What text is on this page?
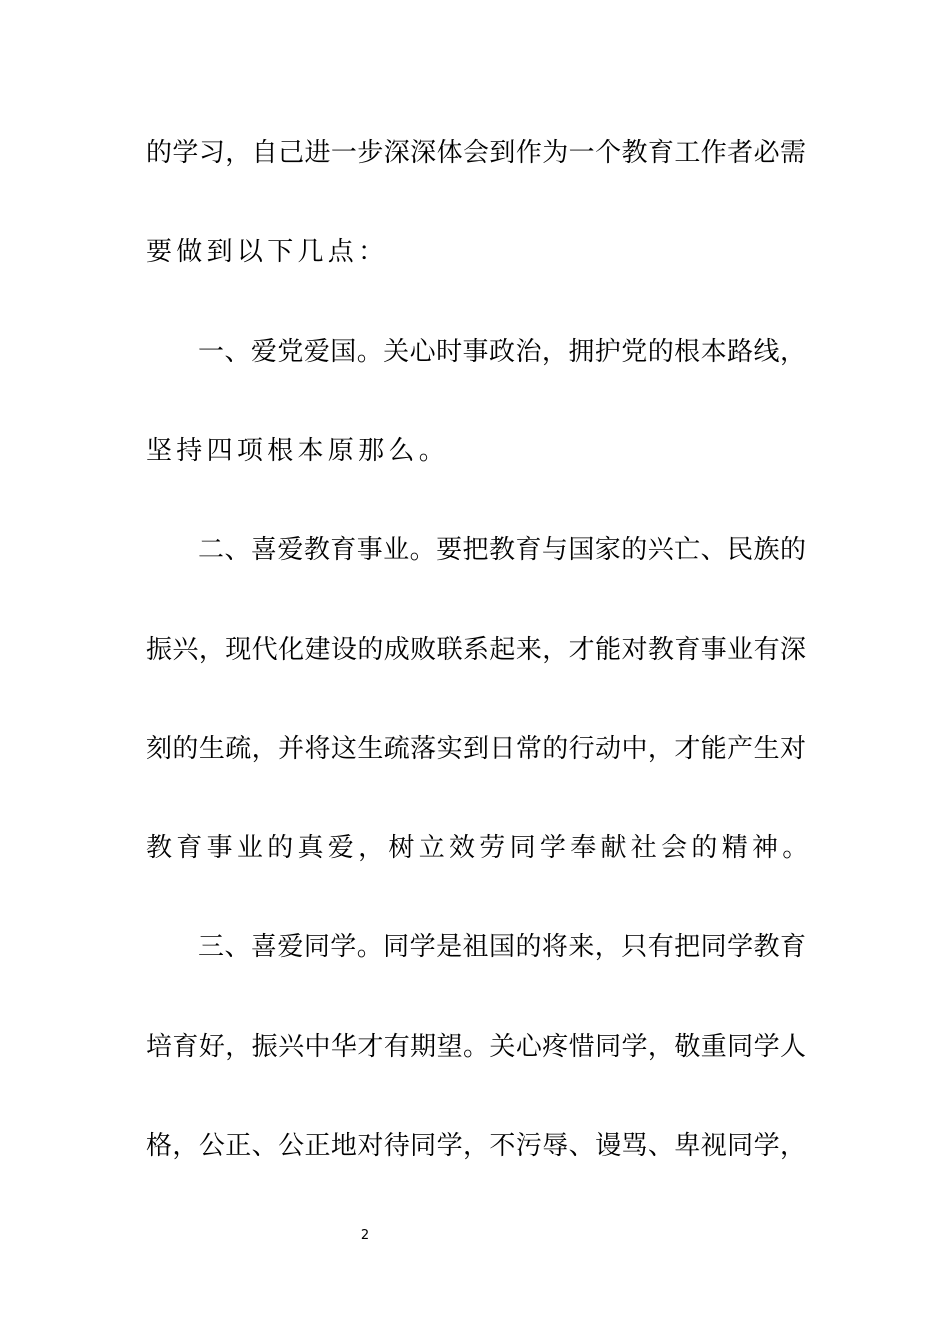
的学习，自己进一步深深体会到作为一个教育工作者必需
要做到以下几点：
一、爱党爱国。关心时事政治，拥护党的根本路线，
坚持四项根本原那么。
二、喜爱教育事业。要把教育与国家的兴亡、民族的
振兴，现代化建设的成败联系起来，才能对教育事业有深
刻的生疏，并将这生疏落实到日常的行动中，才能产生对
教育事业的真爱，树立效劳同学奉献社会的精神。
三、喜爱同学。同学是祖国的将来，只有把同学教育
培育好，振兴中华才有期望。关心疼惜同学，敬重同学人
格，公正、公正地对待同学，不污辱、谩骂、卑视同学，
2
